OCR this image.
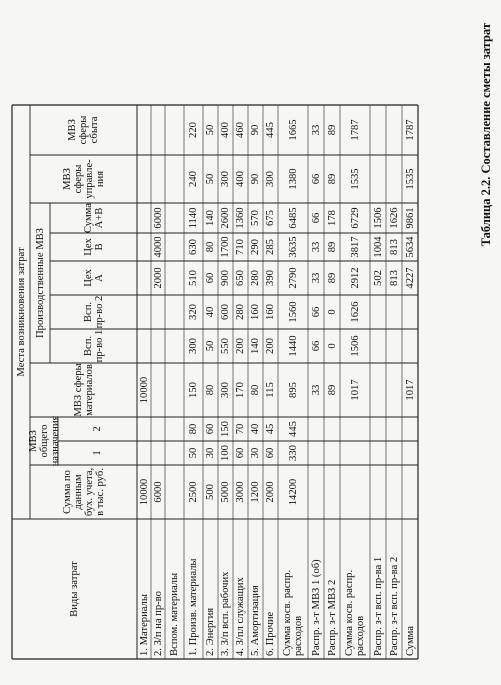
Таблица 2.2. Составление сметы затрат
Виды затрат
Места возникновения затрат
Сумма по
данным
бух. учета,
в тыс. руб.
МВЗ
общего
назначения	1
2
МВЗ сферы
материалов
Производственные МВЗ
Всп.
пр-во 1
Всп.
пр-во 2
Цех
А
Цех
В
Сумма
А+В
МВЗ
сферы
управле-
ния
МВЗ
сферы
сбыта
1. Материалы
10000
10000
2. З/п на пр-во
6000
2000
4000
6000
Вспом. материалы 1. Произв. материалы
2500
50
80
150
300
320
510
630
1140
240
220
2. Энергия
500
30
60
80
50
40
60
80
140
50
50
3. З/п всп. рабочих
5000
100
150
300
550
600
900
1700
2600
300
400
4. З/пл служащих
3000
60
70
170
200
280
650
710
1360
400
460
5. Амортизация
1200
30
40
80
140
160
280
290
570
90
90
6. Прочие
2000
60
45
115
200
160
390
285
675
300
445
Сумма косв. распр.
расходов
14200
330
445
895
1440
1560
2790
3635
6485
1380
1665
Распр. з-т МВЗ 1 (об)
33
66
66
33
33
66
66
33
Распр. з-т МВЗ 2
89
0
0
89
89
178
89
89
Сумма косв. распр.
расходов
1017
1506
1626
2912
3817
6729
1535
1787
Распр. з-т всп. пр-ва 1
502
1004
1506
Распр. з-т всп. пр-ва 2
813
813
1626
Сумма
1017
4227
5634
9861
1535
1787
